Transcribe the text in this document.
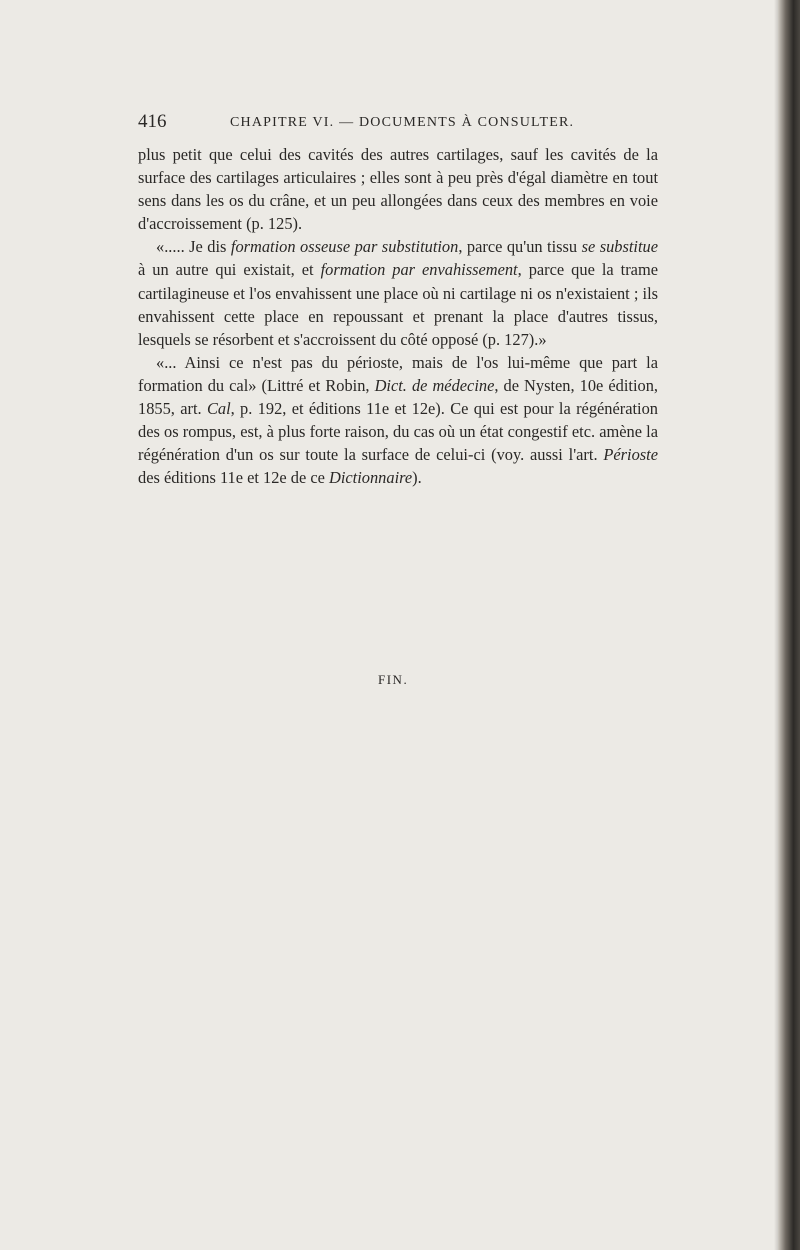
416	CHAPITRE VI. — DOCUMENTS À CONSULTER.

plus petit que celui des cavités des autres cartilages, sauf les cavités de la surface des cartilages articulaires ; elles sont à peu près d'égal diamètre en tout sens dans les os du crâne, et un peu allongées dans ceux des membres en voie d'accroissement (p. 125).

«..... Je dis formation osseuse par substitution, parce qu'un tissu se substitue à un autre qui existait, et formation par envahissement, parce que la trame cartilagineuse et l'os envahissent une place où ni cartilage ni os n'existaient ; ils envahissent cette place en repoussant et prenant la place d'autres tissus, lesquels se résorbent et s'accroissent du côté opposé (p. 127).»

«... Ainsi ce n'est pas du périoste, mais de l'os lui-même que part la formation du cal» (Littré et Robin, Dict. de médecine, de Nysten, 10e édition, 1855, art. Cal, p. 192, et éditions 11e et 12e). Ce qui est pour la régénération des os rompus, est, à plus forte raison, du cas où un état congestif etc. amène la régénération d'un os sur toute la surface de celui-ci (voy. aussi l'art. Périoste des éditions 11e et 12e de ce Dictionnaire).

FIN.
